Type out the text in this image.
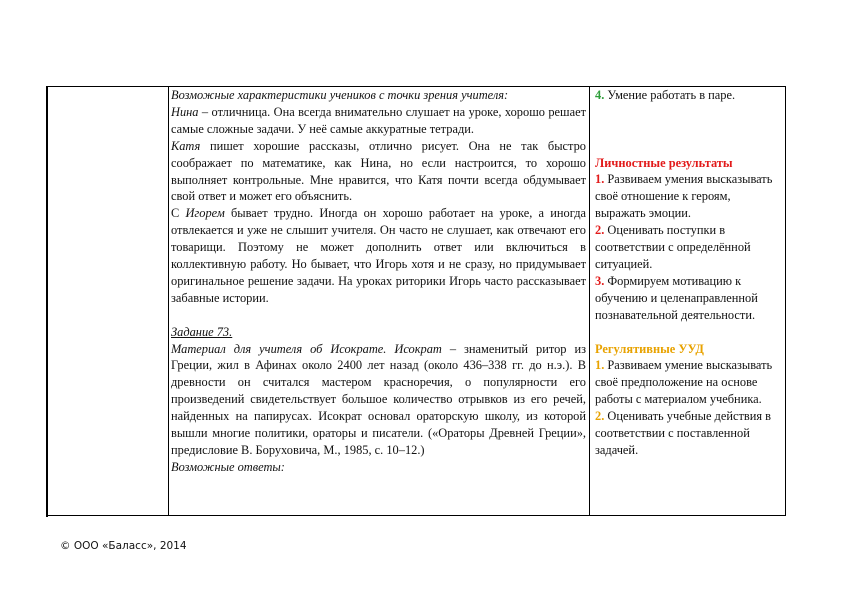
Возможные характеристики учеников с точки зрения учителя:

Нина – отличница. Она всегда внимательно слушает на уроке, хорошо решает самые сложные задачи. У неё самые аккуратные тетради.

Катя пишет хорошие рассказы, отлично рисует. Она не так быстро соображает по математике, как Нина, но если настроится, то хорошо выполняет контрольные. Мне нравится, что Катя почти всегда обдумывает свой ответ и может его объяснить.

С Игорем бывает трудно. Иногда он хорошо работает на уроке, а иногда отвлекается и уже не слышит учителя. Он часто не слушает, как отвечают его товарищи. Поэтому не может дополнить ответ или включиться в коллективную работу. Но бывает, что Игорь хотя и не сразу, но придумывает оригинальное решение задачи. На уроках риторики Игорь часто рассказывает забавные истории.

Задание 73.

Материал для учителя об Исократе. Исократ – знаменитый ритор из Греции, жил в Афинах около 2400 лет назад (около 436–338 гг. до н.э.). В древности он считался мастером красноречия, о популярности его произведений свидетельствует большое количество отрывков из его речей, найденных на папирусах. Исократ основал ораторскую школу, из которой вышли многие политики, ораторы и писатели. («Ораторы Древней Греции», предисловие В. Боруховича, М., 1985, с. 10–12.)

Возможные ответы:

4. Умение работать в паре.

Личностные результаты

1. Развиваем умения высказывать своё отношение к героям, выражать эмоции.

2. Оценивать поступки в соответствии с определённой ситуацией.

3. Формируем мотивацию к обучению и целенаправленной познавательной деятельности.

Регулятивные УУД

1. Развиваем умение высказывать своё предположение на основе работы с материалом учебника.

2. Оценивать учебные действия в соответствии с поставленной задачей.

© ООО «Баласс», 2014
